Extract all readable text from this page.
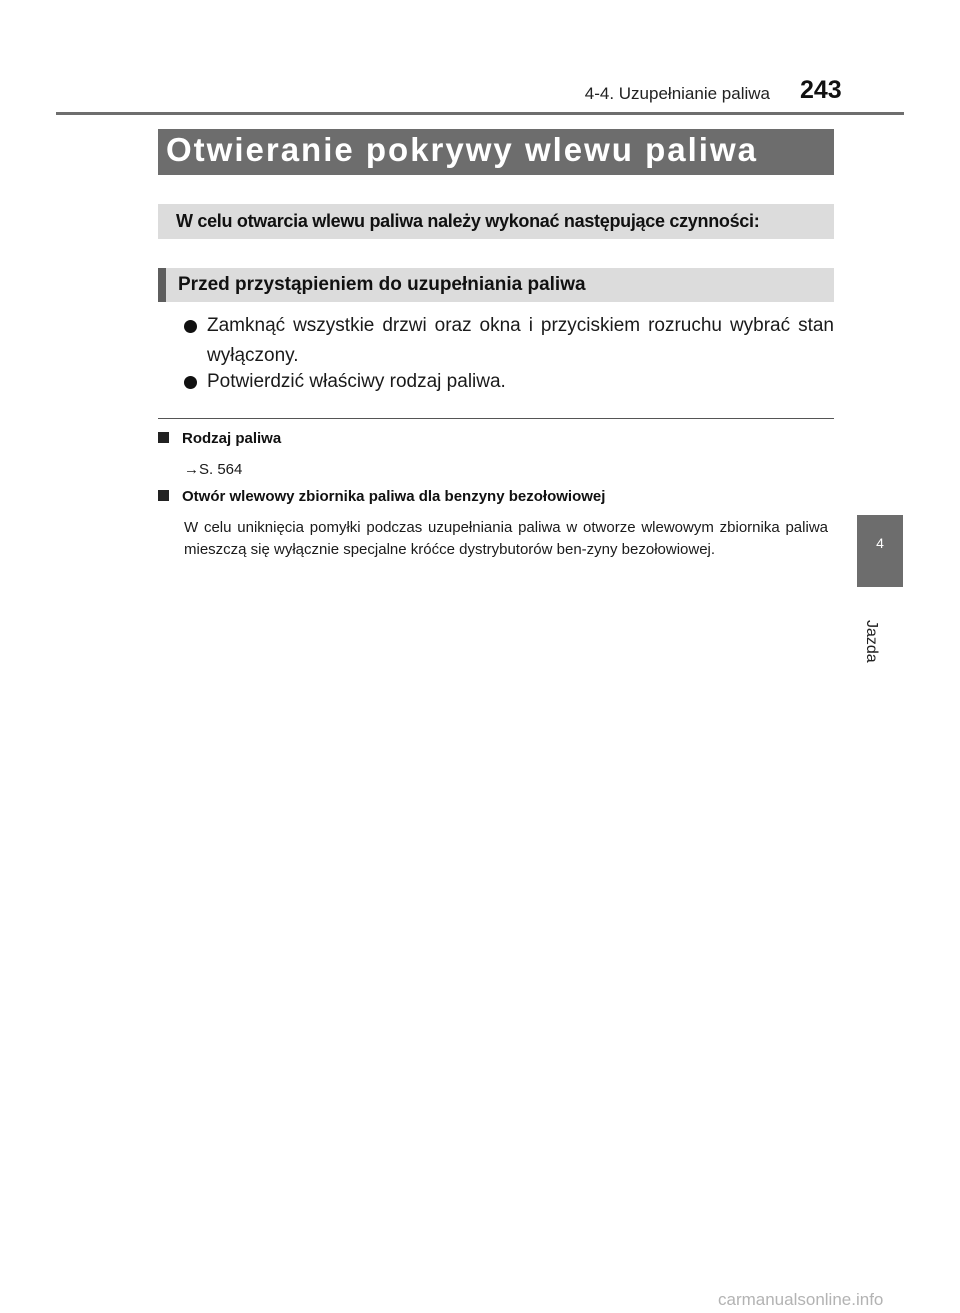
4-4. Uzupełnianie paliwa 243
Otwieranie pokrywy wlewu paliwa
W celu otwarcia wlewu paliwa należy wykonać następujące czynności:
Przed przystąpieniem do uzupełniania paliwa
Zamknąć wszystkie drzwi oraz okna i przyciskiem rozruchu wybrać stan wyłączony.
Potwierdzić właściwy rodzaj paliwa.
Rodzaj paliwa
→S. 564
Otwór wlewowy zbiornika paliwa dla benzyny bezołowiowej
W celu uniknięcia pomyłki podczas uzupełniania paliwa w otworze wlewowym zbiornika paliwa mieszczą się wyłącznie specjalne króćce dystrybutorów ben-zyny bezołowiowej.	4
Jazda
carmanualsonline.info
